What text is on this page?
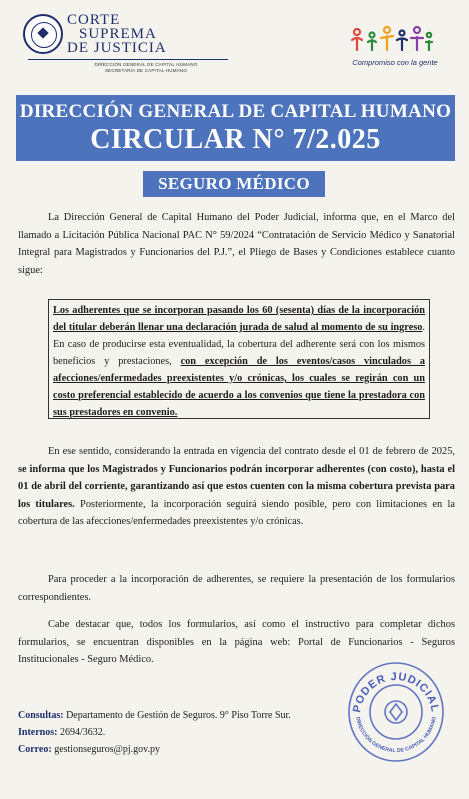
CORTE
SUPREMA
DE JUSTICIA
DIRECCIÓN GENERAL DE CAPITAL HUMANO
SECRETARÍA DE CAPITAL HUMANO
Compromiso con la gente
DIRECCIÓN GENERAL DE CAPITAL HUMANO
CIRCULAR N° 7/2.025
SEGURO MÉDICO
La Dirección General de Capital Humano del Poder Judicial, informa que, en el Marco del llamado a Licitación Pública Nacional PAC N° 59/2024 “Contratación de Servicio Médico y Sanatorial Integral para Magistrados y Funcionarios del P.J.”, el Pliego de Bases y Condiciones establece cuanto sigue:
Los adherentes que se incorporan pasando los 60 (sesenta) días de la incorporación del titular deberán llenar una declaración jurada de salud al momento de su ingreso. En caso de producirse esta eventualidad, la cobertura del adherente será con los mismos beneficios y prestaciones, con excepción de los eventos/casos vinculados a afecciones/enfermedades preexistentes y/o crónicas, los cuales se regirán con un costo preferencial establecido de acuerdo a los convenios que tiene la prestadora con sus prestadores en convenio.
En ese sentido, considerando la entrada en vigencia del contrato desde el 01 de febrero de 2025, se informa que los Magistrados y Funcionarios podrán incorporar adherentes (con costo), hasta el 01 de abril del corriente, garantizando así que estos cuenten con la misma cobertura prevista para los titulares. Posteriormente, la incorporación seguirá siendo posible, pero con limitaciones en la cobertura de las afecciones/enfermedades preexistentes y/o crónicas.
Para proceder a la incorporación de adherentes, se requiere la presentación de los formularios correspondientes.
Cabe destacar que, todos los formularios, así como el instructivo para completar dichos formularios, se encuentran disponibles en la página web: Portal de Funcionarios - Seguros Institucionales - Seguro Médico.
Consultas: Departamento de Gestión de Seguros. 9° Piso Torre Sur.
Internos: 2694/3632.
Correo: gestionseguros@pj.gov.py
PODER JUDICIAL
DIRECCIÓN GENERAL DE CAPITAL HUMANO
